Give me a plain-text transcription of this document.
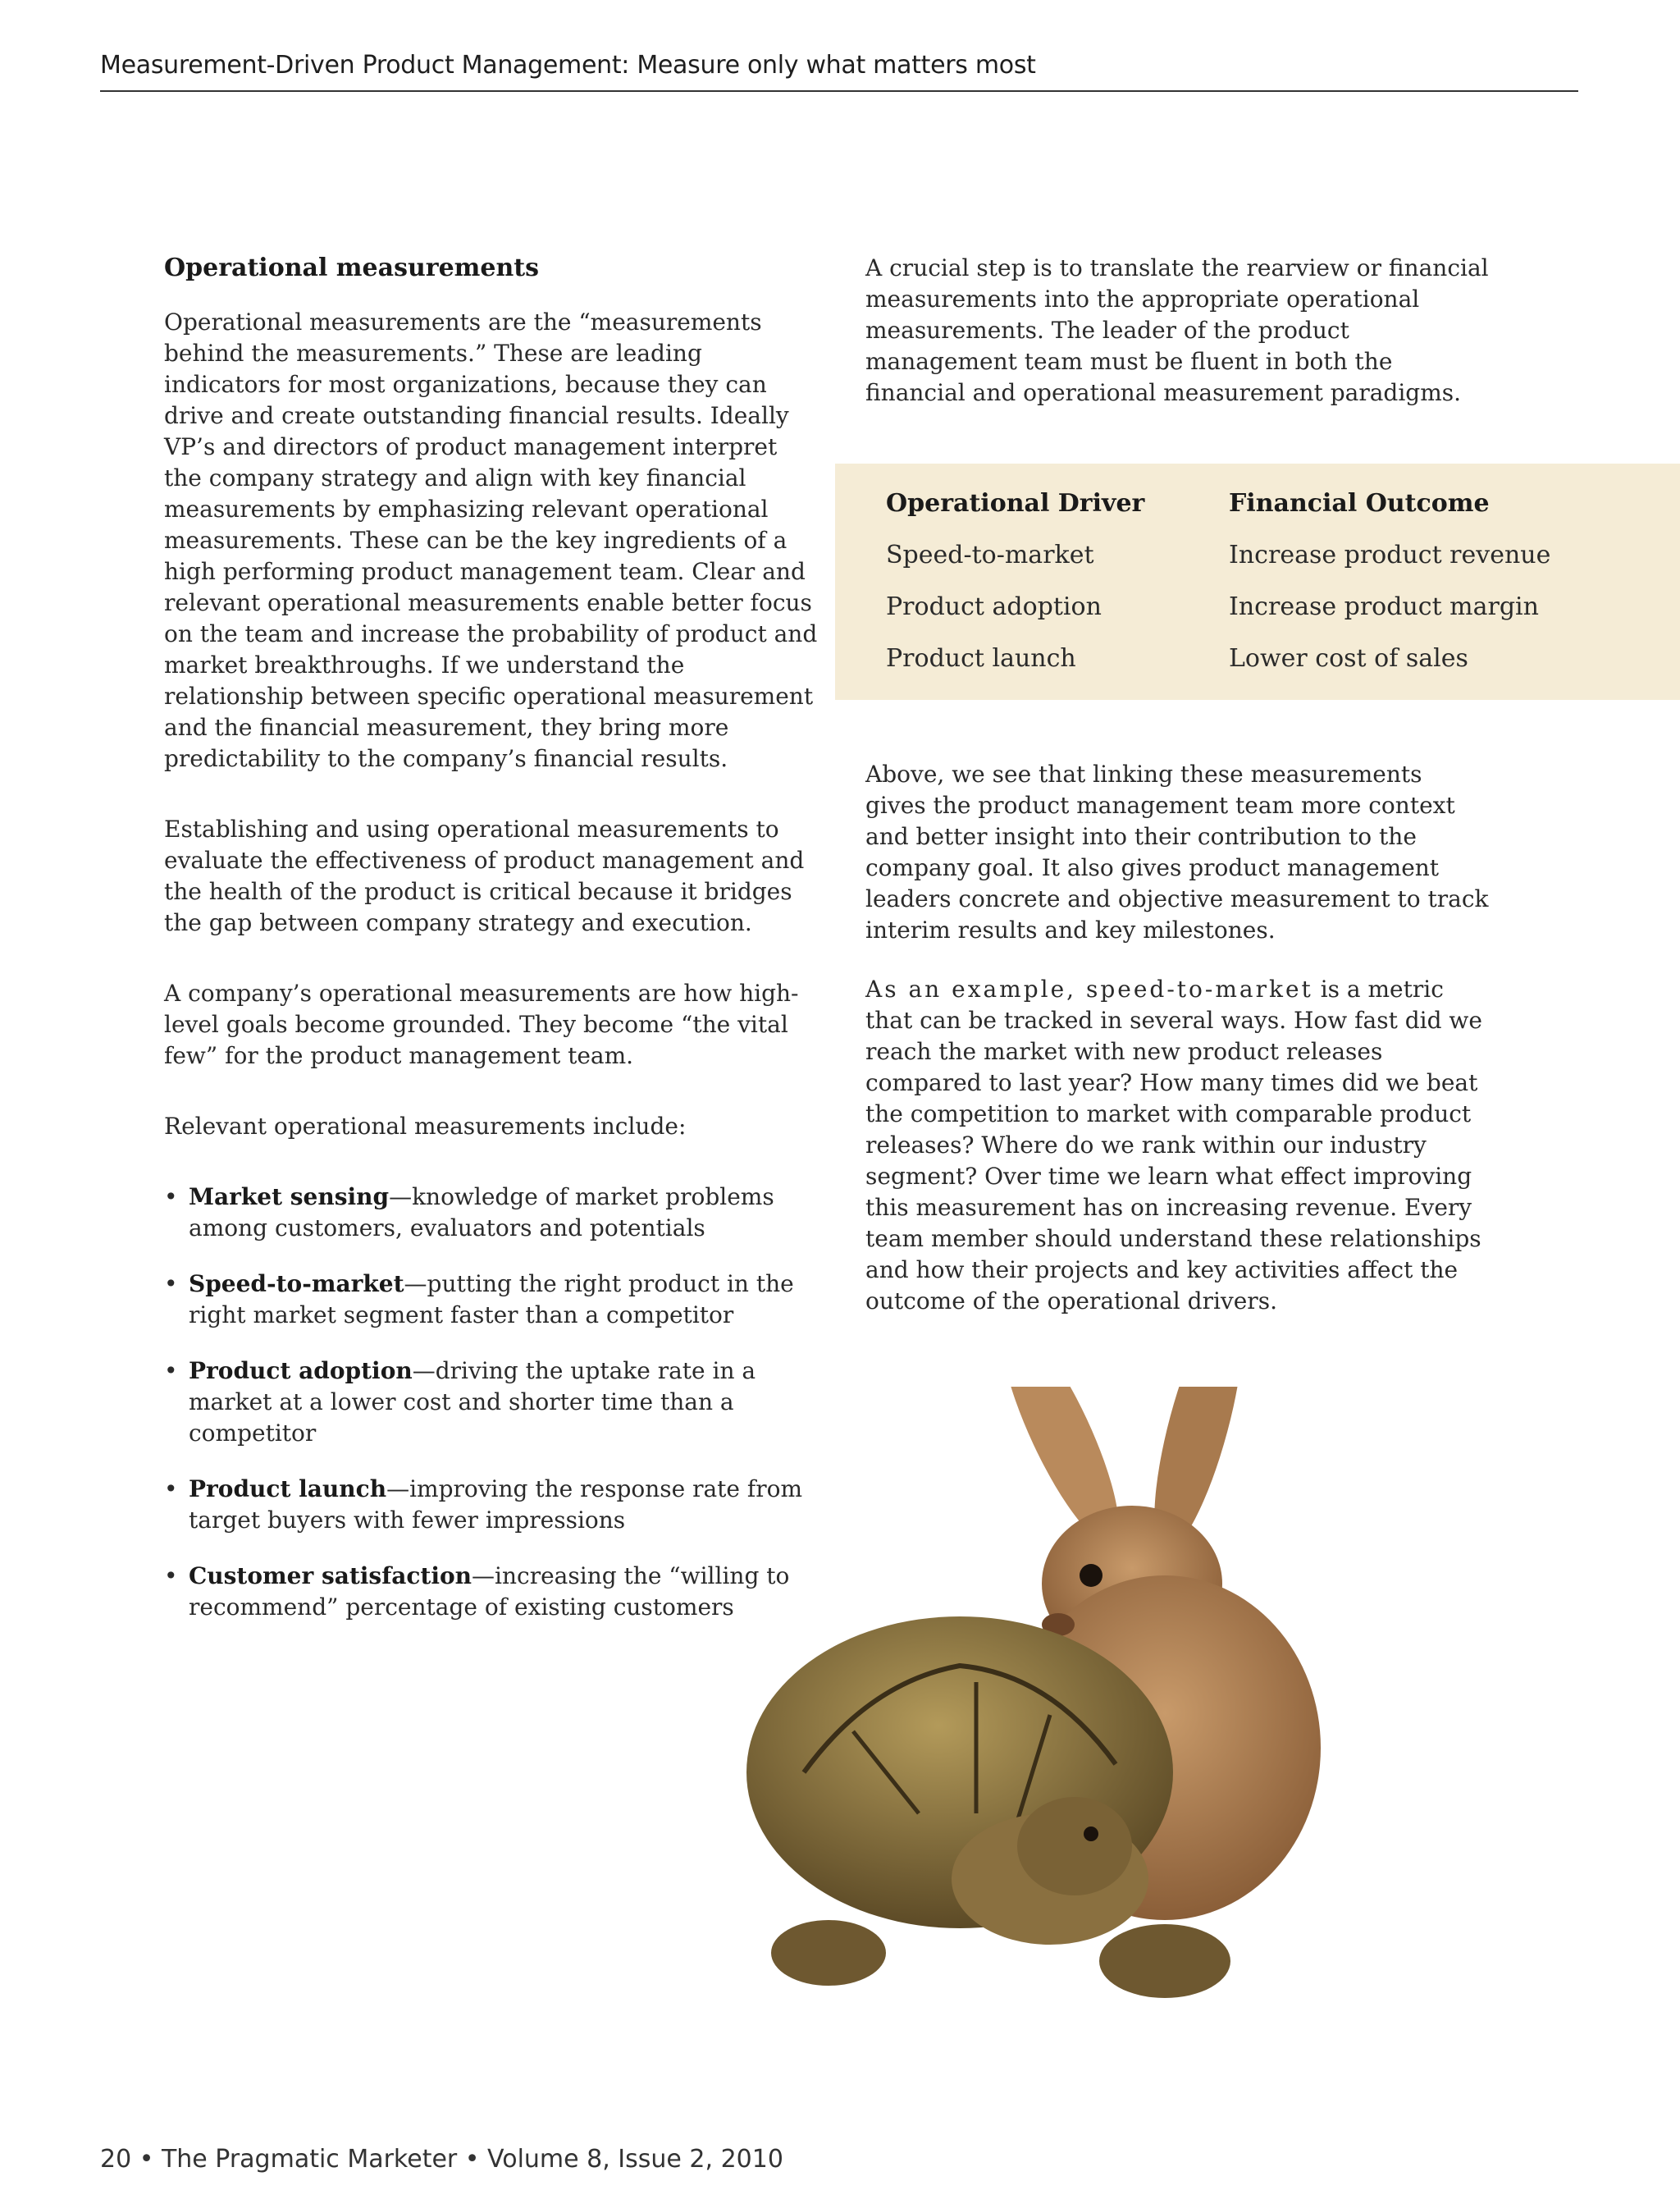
Measurement-Driven Product Management: Measure only what matters most
Operational measurements

Operational measurements are the “measurements behind the measurements.” These are leading indicators for most organizations, because they can drive and create outstanding financial results. Ideally VP’s and directors of product management interpret the company strategy and align with key financial measurements by emphasizing relevant operational measurements. These can be the key ingredients of a high performing product management team. Clear and relevant operational measurements enable better focus on the team and increase the probability of product and market breakthroughs. If we understand the relationship between specific operational measurement and the financial measurement, they bring more predictability to the company’s financial results.

Establishing and using operational measurements to evaluate the effectiveness of product management and the health of the product is critical because it bridges the gap between company strategy and execution.

A company’s operational measurements are how high-level goals become grounded. They become “the vital few” for the product management team.

Relevant operational measurements include:

• Market sensing—knowledge of market problems among customers, evaluators and potentials
• Speed-to-market—putting the right product in the right market segment faster than a competitor
• Product adoption—driving the uptake rate in a market at a lower cost and shorter time than a competitor
• Product launch—improving the response rate from target buyers with fewer impressions
• Customer satisfaction—increasing the “willing to recommend” percentage of existing customers

A crucial step is to translate the rearview or financial measurements into the appropriate operational measurements. The leader of the product management team must be fluent in both the financial and operational measurement paradigms.

Operational Driver	Financial Outcome
Speed-to-market	Increase product revenue
Product adoption	Increase product margin
Product launch	Lower cost of sales

Above, we see that linking these measurements gives the product management team more context and better insight into their contribution to the company goal. It also gives product management leaders concrete and objective measurement to track interim results and key milestones.

As an example, speed-to-market is a metric that can be tracked in several ways. How fast did we reach the market with new product releases compared to last year? How many times did we beat the competition to market with comparable product releases? Where do we rank within our industry segment? Over time we learn what effect improving this measurement has on increasing revenue. Every team member should understand these relationships and how their projects and key activities affect the outcome of the operational drivers.

20 • The Pragmatic Marketer • Volume 8, Issue 2, 2010
